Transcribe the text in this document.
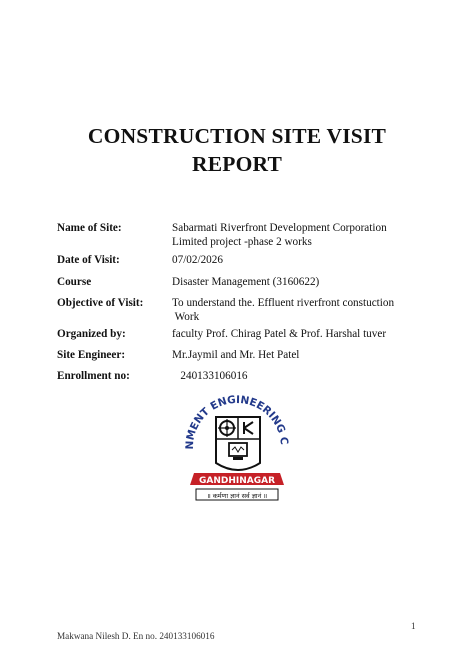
CONSTRUCTION SITE VISIT
REPORT
Name of Site:	Sabarmati Riverfront Development Corporation
Limited project -phase 2 works
Date of Visit:	07/02/2026
Course	Disaster Management (3160622)
Objective of Visit:	To understand the. Effluent riverfront constuction
Work
Organized by:	faculty Prof. Chirag Patel & Prof. Harshal tuver
Site Engineer:	Mr.Jaymil and Mr. Het Patel
Enrollment no:	240133106016
NMENT ENGINEERING C
GANDHINAGAR
॥ कर्मणा ज्ञानं सर्व ज्ञानं ॥
1
Makwana Nilesh D. En no. 240133106016
